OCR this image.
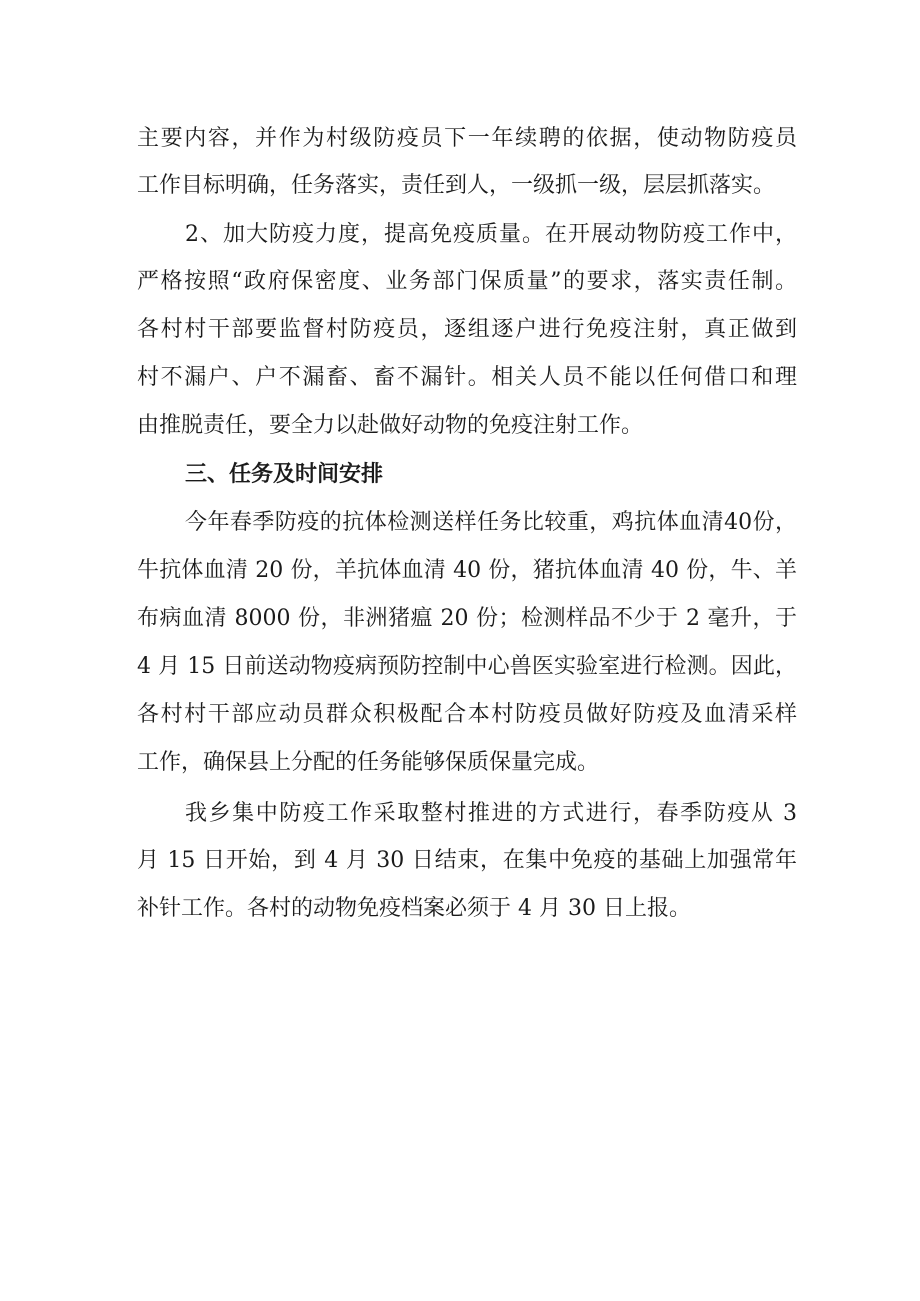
主要内容，并作为村级防疫员下一年续聘的依据，使动物防疫员
工作目标明确，任务落实，责任到人，一级抓一级，层层抓落实。
2、加大防疫力度，提高免疫质量。在开展动物防疫工作中，
严格按照“政府保密度、业务部门保质量”的要求，落实责任制。
各村村干部要监督村防疫员，逐组逐户进行免疫注射，真正做到
村不漏户、户不漏畜、畜不漏针。相关人员不能以任何借口和理
由推脱责任，要全力以赴做好动物的免疫注射工作。
三、任务及时间安排
今年春季防疫的抗体检测送样任务比较重，鸡抗体血清40份，
牛抗体血清 20 份，羊抗体血清 40 份，猪抗体血清 40 份，牛、羊
布病血清 8000 份，非洲猪瘟 20 份；检测样品不少于 2 毫升，于
4 月 15 日前送动物疫病预防控制中心兽医实验室进行检测。因此，
各村村干部应动员群众积极配合本村防疫员做好防疫及血清采样
工作，确保县上分配的任务能够保质保量完成。
我乡集中防疫工作采取整村推进的方式进行，春季防疫从 3
月 15 日开始，到 4 月 30 日结束，在集中免疫的基础上加强常年
补针工作。各村的动物免疫档案必须于 4 月 30 日上报。
